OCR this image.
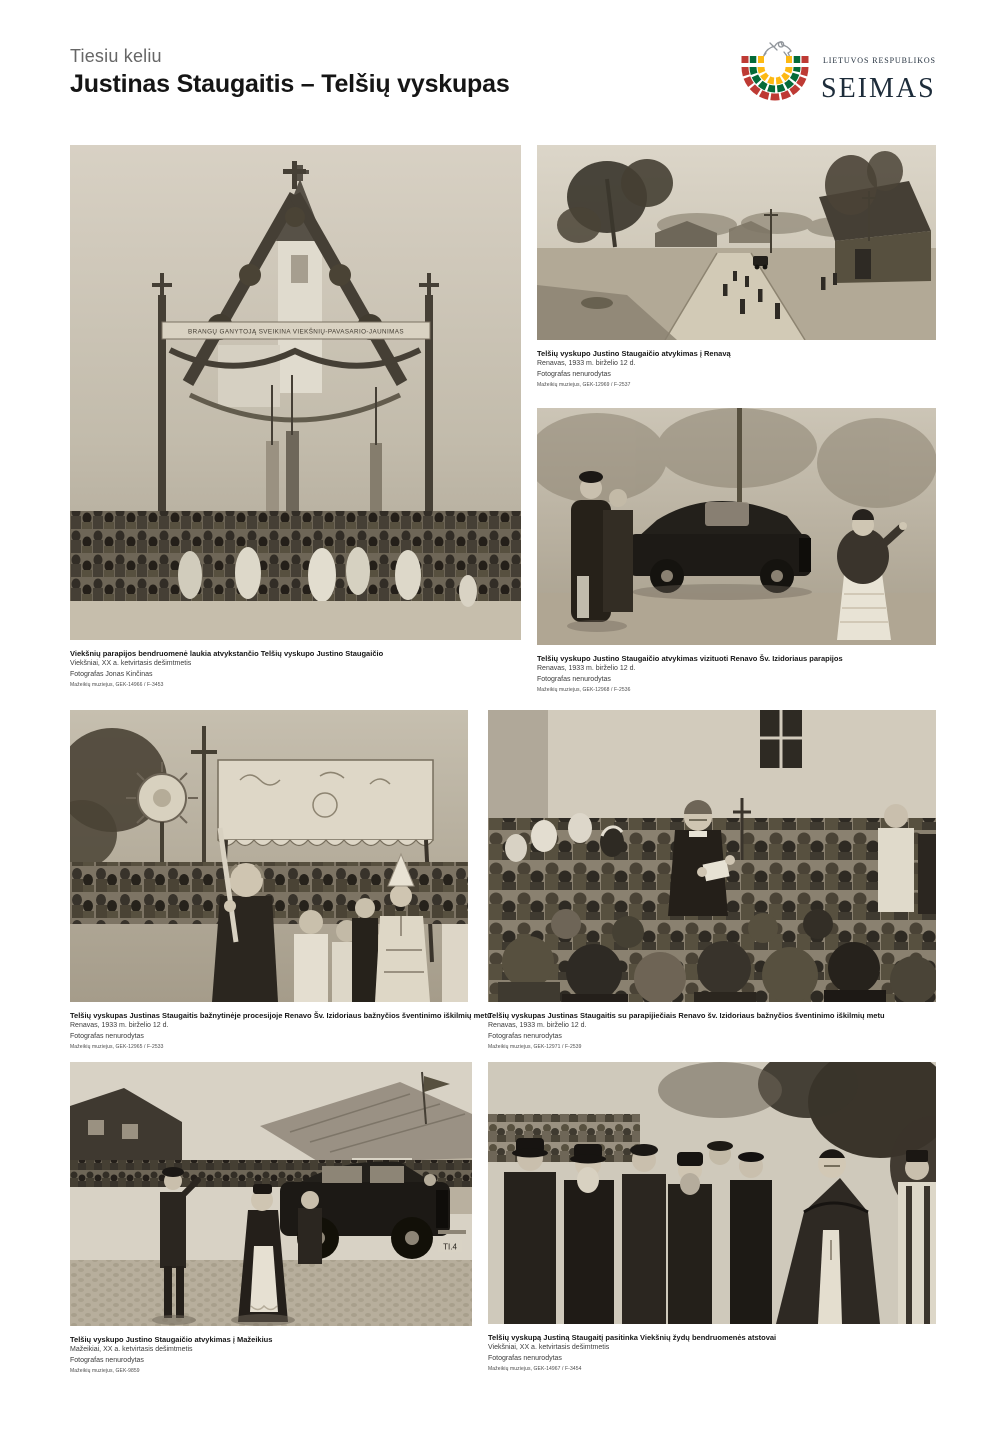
Tiesiu keliu
Justinas Staugaitis – Telšių vyskupas
LIETUVOS RESPUBLIKOS
SEIMAS
BRANGŲ GANYTOJĄ SVEIKINA VIEKŠNIŲ-PAVASARIO-JAUNIMAS
Viekšnių parapijos bendruomenė laukia atvykstančio Telšių vyskupo Justino Staugaičio
Viekšniai, XX a. ketvirtasis dešimtmetis
Fotografas Jonas Kinčinas
Mažeikių muziejus, GEK-14966 / F-3453
Telšių vyskupo Justino Staugaičio atvykimas į Renavą
Renavas, 1933 m. birželio 12 d.
Fotografas nenurodytas
Mažeikių muziejus, GEK-12969 / F-2537
Telšių vyskupo Justino Staugaičio atvykimas vizituoti Renavo Šv. Izidoriaus parapijos
Renavas, 1933 m. birželio 12 d.
Fotografas nenurodytas
Mažeikių muziejus, GEK-12968 / F-2536
Telšių vyskupas Justinas Staugaitis bažnytinėje procesijoje Renavo Šv. Izidoriaus bažnyčios šventinimo iškilmių metu
Renavas, 1933 m. birželio 12 d.
Fotografas nenurodytas
Mažeikių muziejus, GEK-12965 / F-2533
Telšių vyskupas Justinas Staugaitis su parapijiečiais Renavo šv. Izidoriaus bažnyčios šventinimo iškilmių metu
Renavas, 1933 m. birželio 12 d.
Fotografas nenurodytas
Mažeikių muziejus, GEK-12971 / F-2539
TI.4
Telšių vyskupo Justino Staugaičio atvykimas į Mažeikius
Mažeikiai, XX a. ketvirtasis dešimtmetis
Fotografas nenurodytas
Mažeikių muziejus, GEK-9859
Telšių vyskupą Justiną Staugaitį pasitinka Viekšnių žydų bendruomenės atstovai
Viekšniai, XX a. ketvirtasis dešimtmetis
Fotografas nenurodytas
Mažeikių muziejus, GEK-14967 / F-3454
